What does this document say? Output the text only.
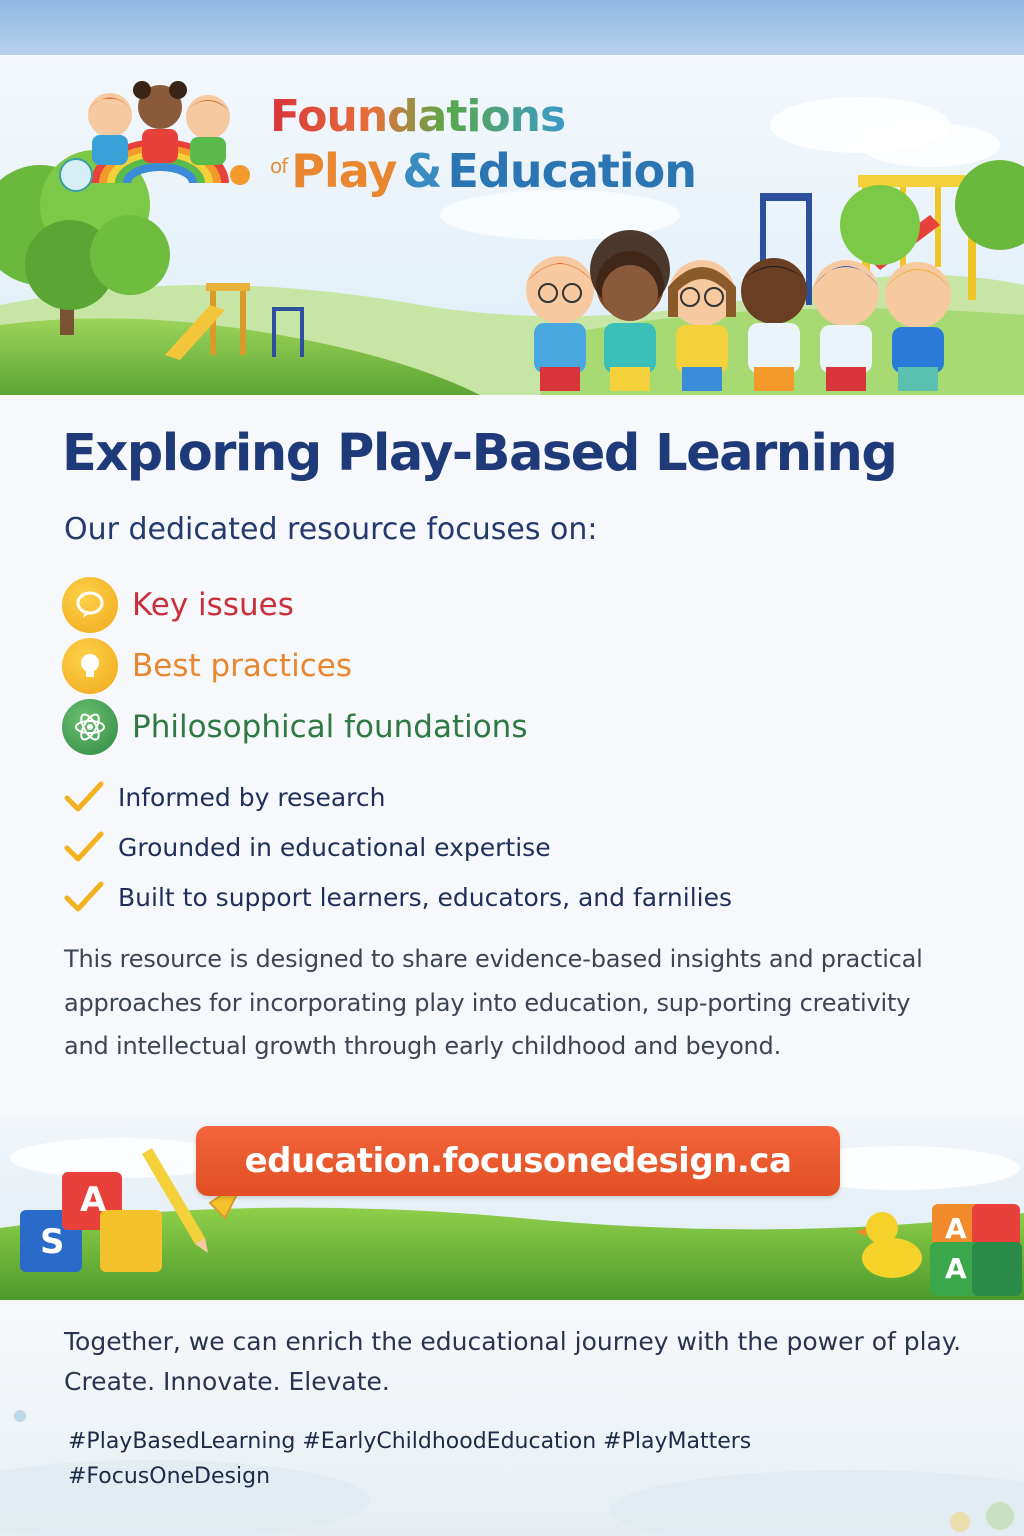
Foundations
$^{of}$Play & Education
Exploring Play-Based Learning

Our dedicated resource focuses on:

Key issues
Best practices
Philosophical foundations
Informed by research
Grounded in educational expertise
Built to support learners, educators, and farnilies

This resource is designed to share evidence-based insights and practical approaches for incorporating play into education, sup-porting creativity and intellectual growth through early childhood and beyond.

A
S	A
A
education.focusonedesign.ca

Together, we can enrich the educational journey with the power of play. Create. Innovate. Elevate.

#PlayBasedLearning #EarlyChildhoodEducation #PlayMatters
#FocusOneDesign
